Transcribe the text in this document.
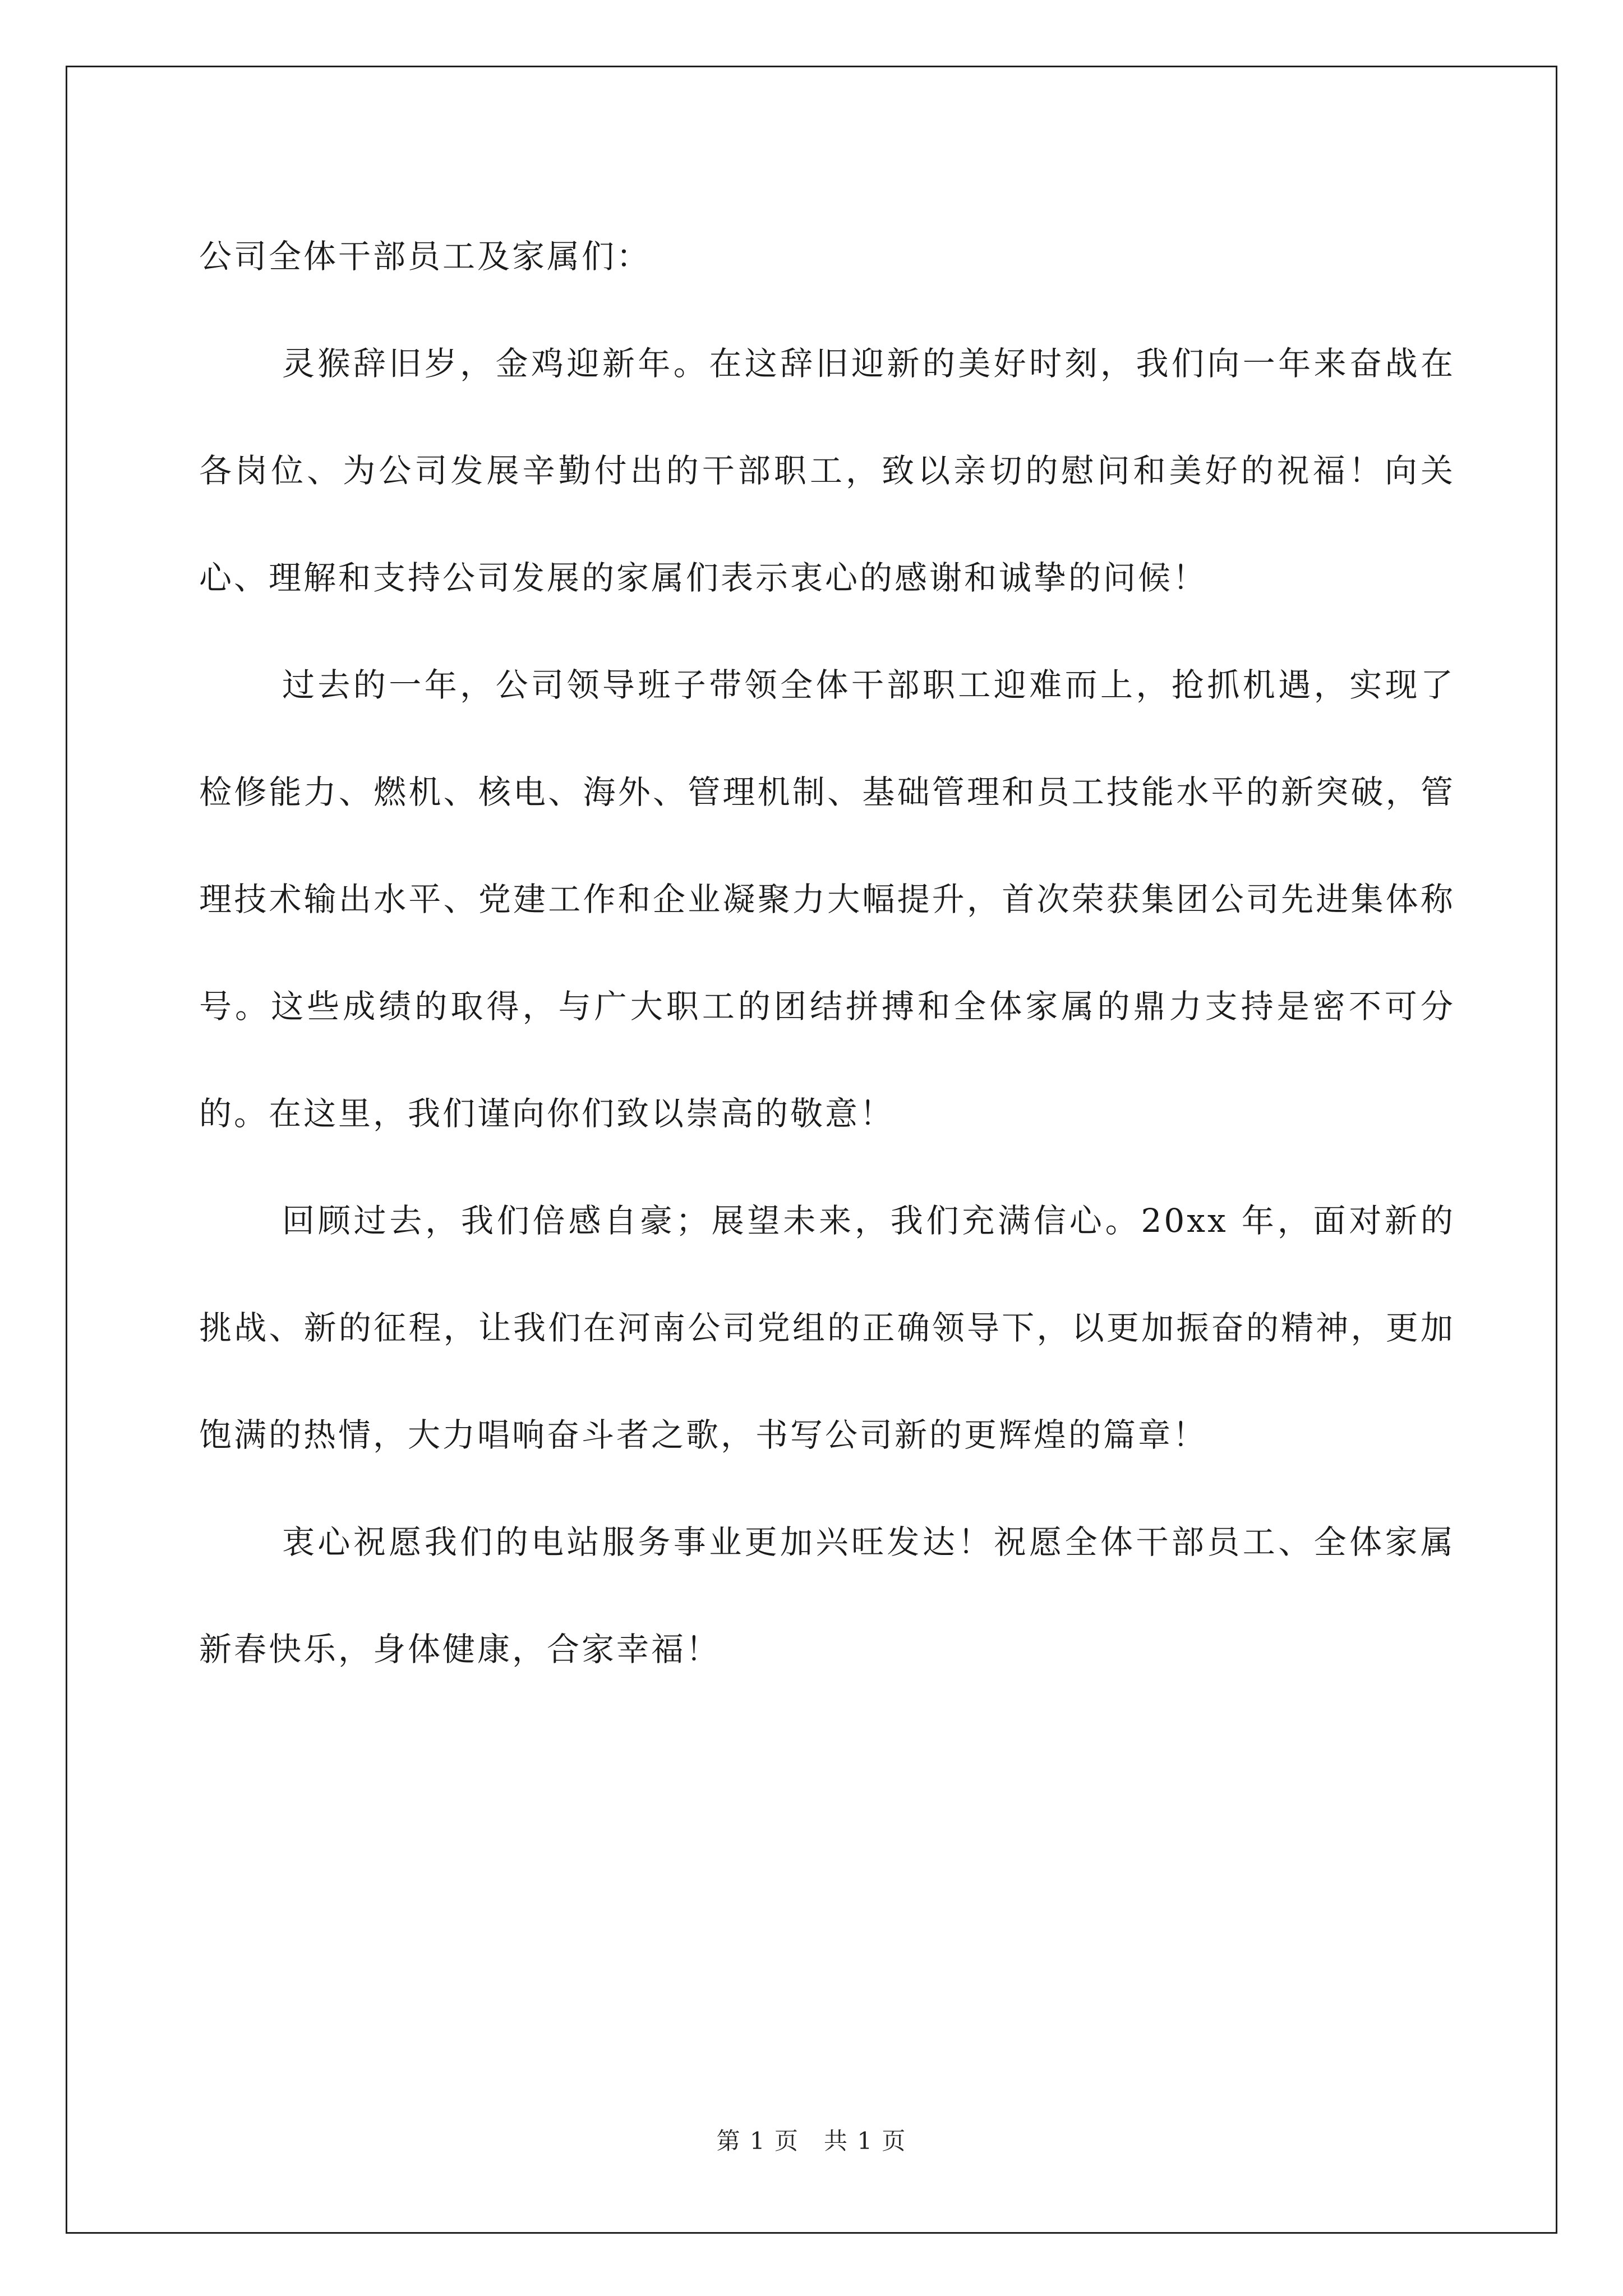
公司全体干部员工及家属们：

灵猴辞旧岁，金鸡迎新年。在这辞旧迎新的美好时刻，我们向一年来奋战在各岗位、为公司发展辛勤付出的干部职工，致以亲切的慰问和美好的祝福！向关心、理解和支持公司发展的家属们表示衷心的感谢和诚挚的问候！

过去的一年，公司领导班子带领全体干部职工迎难而上，抢抓机遇，实现了检修能力、燃机、核电、海外、管理机制、基础管理和员工技能水平的新突破，管理技术输出水平、党建工作和企业凝聚力大幅提升，首次荣获集团公司先进集体称号。这些成绩的取得，与广大职工的团结拼搏和全体家属的鼎力支持是密不可分的。在这里，我们谨向你们致以崇高的敬意！

回顾过去，我们倍感自豪；展望未来，我们充满信心。20xx 年，面对新的挑战、新的征程，让我们在河南公司党组的正确领导下，以更加振奋的精神，更加饱满的热情，大力唱响奋斗者之歌，书写公司新的更辉煌的篇章！

衷心祝愿我们的电站服务事业更加兴旺发达！祝愿全体干部员工、全体家属新春快乐，身体健康，合家幸福！

第 1 页　共 1 页
